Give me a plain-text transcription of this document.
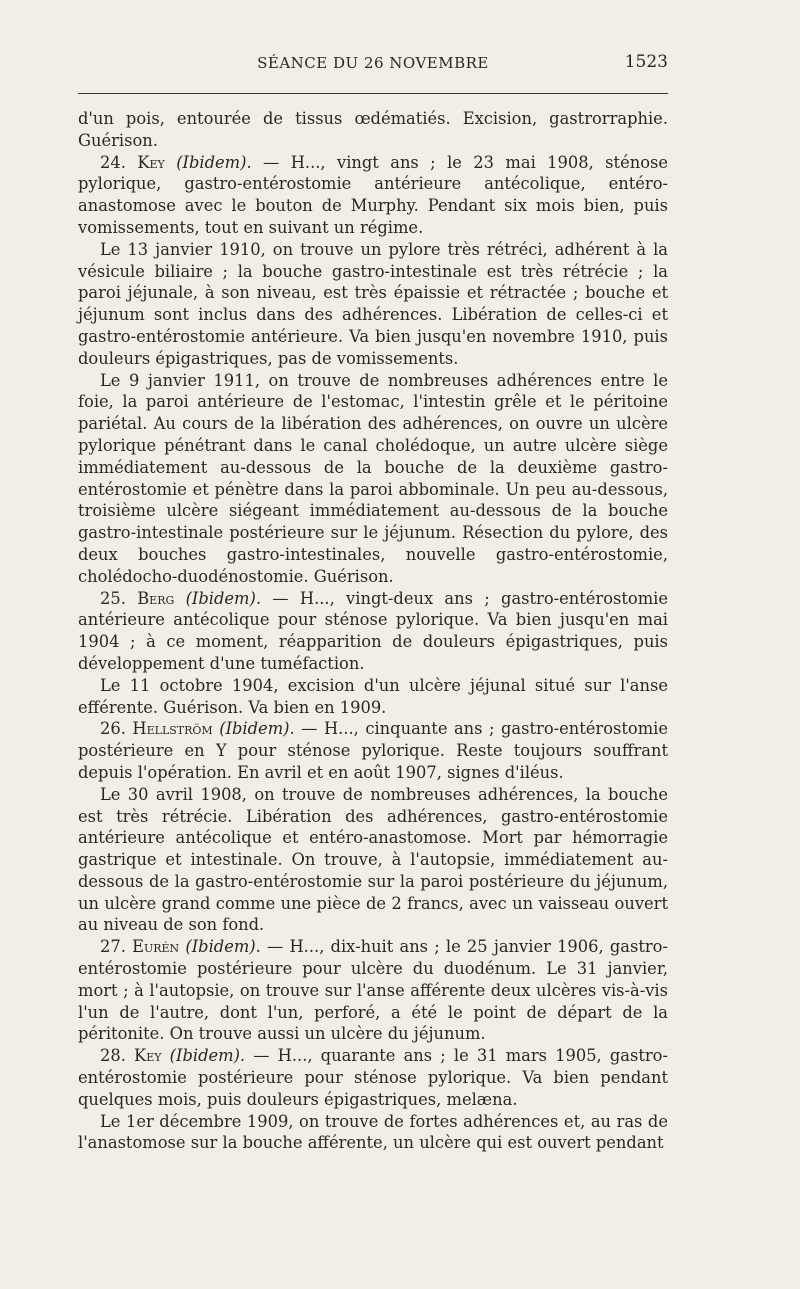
SÉANCE DU 26 NOVEMBRE	1523

d'un pois, entourée de tissus œdématiés. Excision, gastrorraphie. Guérison.

24. Key (Ibidem). — H..., vingt ans ; le 23 mai 1908, sténose pylorique, gastro-entérostomie antérieure antécolique, entéro-anastomose avec le bouton de Murphy. Pendant six mois bien, puis vomissements, tout en suivant un régime.

Le 13 janvier 1910, on trouve un pylore très rétréci, adhérent à la vésicule biliaire ; la bouche gastro-intestinale est très rétrécie ; la paroi jéjunale, à son niveau, est très épaissie et rétractée ; bouche et jéjunum sont inclus dans des adhérences. Libération de celles-ci et gastro-entérostomie antérieure. Va bien jusqu'en novembre 1910, puis douleurs épigastriques, pas de vomissements.

Le 9 janvier 1911, on trouve de nombreuses adhérences entre le foie, la paroi antérieure de l'estomac, l'intestin grêle et le péritoine pariétal. Au cours de la libération des adhérences, on ouvre un ulcère pylorique pénétrant dans le canal cholédoque, un autre ulcère siège immédiatement au-dessous de la bouche de la deuxième gastro-entérostomie et pénètre dans la paroi abbominale. Un peu au-dessous, troisième ulcère siégeant immédiatement au-dessous de la bouche gastro-intestinale postérieure sur le jéjunum. Résection du pylore, des deux bouches gastro-intestinales, nouvelle gastro-entérostomie, cholédocho-duodénostomie. Guérison.

25. Berg (Ibidem). — H..., vingt-deux ans ; gastro-entérostomie antérieure antécolique pour sténose pylorique. Va bien jusqu'en mai 1904 ; à ce moment, réapparition de douleurs épigastriques, puis développement d'une tuméfaction.

Le 11 octobre 1904, excision d'un ulcère jéjunal situé sur l'anse efférente. Guérison. Va bien en 1909.

26. Hellström (Ibidem). — H..., cinquante ans ; gastro-entérostomie postérieure en Y pour sténose pylorique. Reste toujours souffrant depuis l'opération. En avril et en août 1907, signes d'iléus.

Le 30 avril 1908, on trouve de nombreuses adhérences, la bouche est très rétrécie. Libération des adhérences, gastro-entérostomie antérieure antécolique et entéro-anastomose. Mort par hémorragie gastrique et intestinale. On trouve, à l'autopsie, immédiatement au-dessous de la gastro-entérostomie sur la paroi postérieure du jéjunum, un ulcère grand comme une pièce de 2 francs, avec un vaisseau ouvert au niveau de son fond.

27. Eurén (Ibidem). — H..., dix-huit ans ; le 25 janvier 1906, gastro-entérostomie postérieure pour ulcère du duodénum. Le 31 janvier, mort ; à l'autopsie, on trouve sur l'anse afférente deux ulcères vis-à-vis l'un de l'autre, dont l'un, perforé, a été le point de départ de la péritonite. On trouve aussi un ulcère du jéjunum.

28. Key (Ibidem). — H..., quarante ans ; le 31 mars 1905, gastro-entérostomie postérieure pour sténose pylorique. Va bien pendant quelques mois, puis douleurs épigastriques, melæna.

Le 1er décembre 1909, on trouve de fortes adhérences et, au ras de l'anastomose sur la bouche afférente, un ulcère qui est ouvert pendant
